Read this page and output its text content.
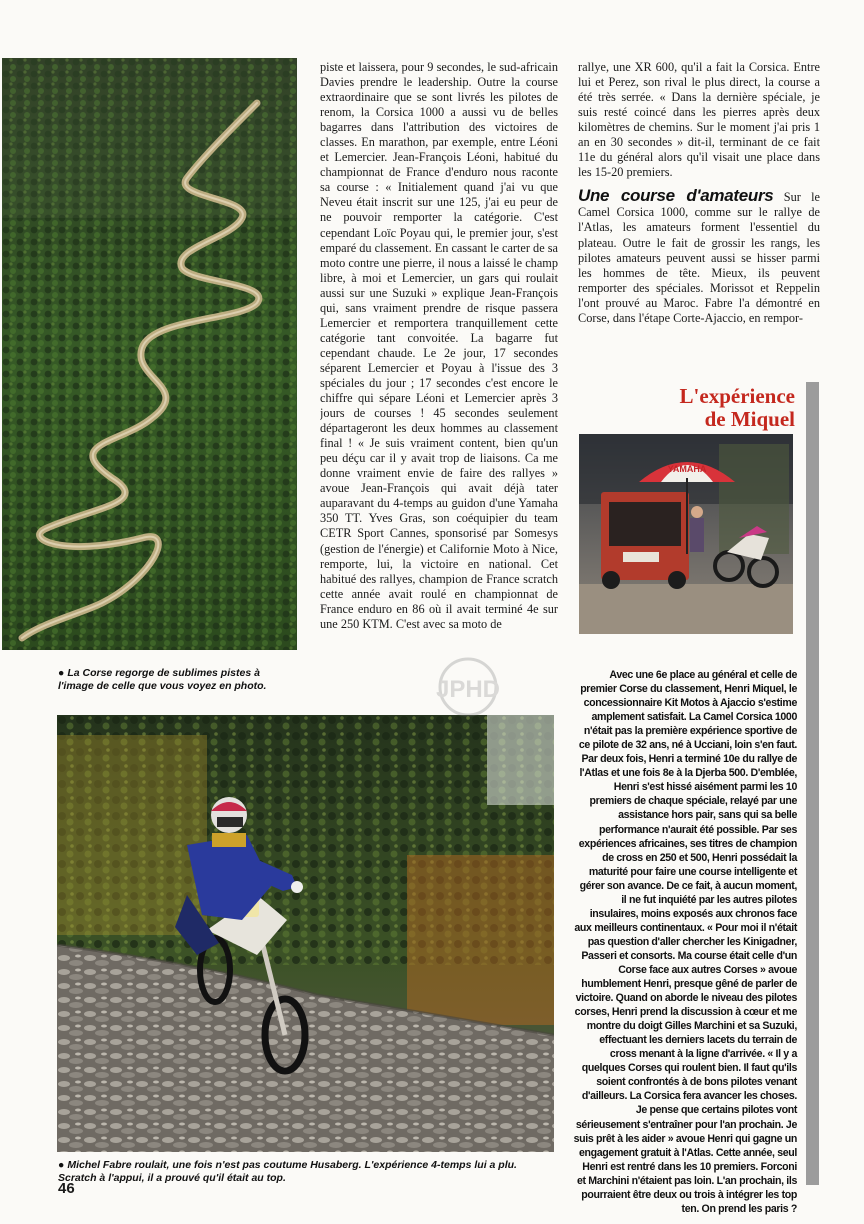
● La Corse regorge de sublimes pistes à l'image de celle que vous voyez en photo.

piste et laissera, pour 9 secondes, le sud-africain Davies prendre le leadership. Outre la course extraordinaire que se sont livrés les pilotes de renom, la Corsica 1000 a aussi vu de belles bagarres dans l'attribution des victoires de classes. En marathon, par exemple, entre Léoni et Lemercier. Jean-François Léoni, habitué du championnat de France d'enduro nous raconte sa course : « Initialement quand j'ai vu que Neveu était inscrit sur une 125, j'ai eu peur de ne pouvoir remporter la catégorie. C'est cependant Loïc Poyau qui, le premier jour, s'est emparé du classement. En cassant le carter de sa moto contre une pierre, il nous a laissé le champ libre, à moi et Lemercier, un gars qui roulait aussi sur une Suzuki » explique Jean-François qui, sans vraiment prendre de risque passera Lemercier et remportera tranquillement cette catégorie tant convoitée. La bagarre fut cependant chaude. Le 2e jour, 17 secondes séparent Lemercier et Poyau à l'issue des 3 spéciales du jour ; 17 secondes c'est encore le chiffre qui sépare Léoni et Lemercier après 3 jours de courses ! 45 secondes seulement départageront les deux hommes au classement final ! « Je suis vraiment content, bien qu'un peu déçu car il y avait trop de liaisons. Ca me donne vraiment envie de faire des rallyes » avoue Jean-François qui avait déjà tater auparavant du 4-temps au guidon d'une Yamaha 350 TT. Yves Gras, son coéquipier du team CETR Sport Cannes, sponsorisé par Somesys (gestion de l'énergie) et Californie Moto à Nice, remporte, lui, la victoire en national. Cet habitué des rallyes, champion de France scratch cette année avait roulé en championnat de France enduro en 86 où il avait terminé 4e sur une 250 KTM. C'est avec sa moto de

rallye, une XR 600, qu'il a fait la Corsica. Entre lui et Perez, son rival le plus direct, la course a été très serrée. « Dans la dernière spéciale, je suis resté coincé dans les pierres après deux kilomètres de chemins. Sur le moment j'ai pris 1 an en 30 secondes » dit-il, terminant de ce fait 11e du général alors qu'il visait une place dans les 15-20 premiers.

Une course d'amateurs Sur le Camel Corsica 1000, comme sur le rallye de l'Atlas, les amateurs forment l'essentiel du plateau. Outre le fait de grossir les rangs, les pilotes amateurs peuvent aussi se hisser parmi les hommes de tête. Mieux, ils peuvent remporter des spéciales. Morissot et Reppelin l'ont prouvé au Maroc. Fabre l'a démontré en Corse, dans l'étape Corte-Ajaccio, en rempor-

L'expérience
de Miquel
YAMAHA
Avec une 6e place au général et celle de premier Corse du classement, Henri Miquel, le concessionnaire Kit Motos à Ajaccio s'estime amplement satisfait. La Camel Corsica 1000 n'était pas la première expérience sportive de ce pilote de 32 ans, né à Ucciani, loin s'en faut. Par deux fois, Henri a terminé 10e du rallye de l'Atlas et une fois 8e à la Djerba 500. D'emblée, Henri s'est hissé aisément parmi les 10 premiers de chaque spéciale, relayé par une assistance hors pair, sans qui sa belle performance n'aurait été possible. Par ses expériences africaines, ses titres de champion de cross en 250 et 500, Henri possédait la maturité pour faire une course intelligente et gérer son avance. De ce fait, à aucun moment, il ne fut inquiété par les autres pilotes insulaires, moins exposés aux chronos face aux meilleurs continentaux. « Pour moi il n'était pas question d'aller chercher les Kinigadner, Passeri et consorts. Ma course était celle d'un Corse face aux autres Corses » avoue humblement Henri, presque gêné de parler de victoire. Quand on aborde le niveau des pilotes corses, Henri prend la discussion à cœur et me montre du doigt Gilles Marchini et sa Suzuki, effectuant les derniers lacets du terrain de cross menant à la ligne d'arrivée. « Il y a quelques Corses qui roulent bien. Il faut qu'ils soient confrontés à de bons pilotes venant d'ailleurs. La Corsica fera avancer les choses. Je pense que certains pilotes vont sérieusement s'entraîner pour l'an prochain. Je suis prêt à les aider » avoue Henri qui gagne un engagement gratuit à l'Atlas. Cette année, seul Henri est rentré dans les 10 premiers. Forconi et Marchini n'étaient pas loin. L'an prochain, ils pourraient être deux ou trois à intégrer les top ten. On prend les paris ?
● Michel Fabre roulait, une fois n'est pas coutume Husaberg. L'expérience 4-temps lui a plu. Scratch à l'appui, il a prouvé qu'il était au top.
JPHD
46
